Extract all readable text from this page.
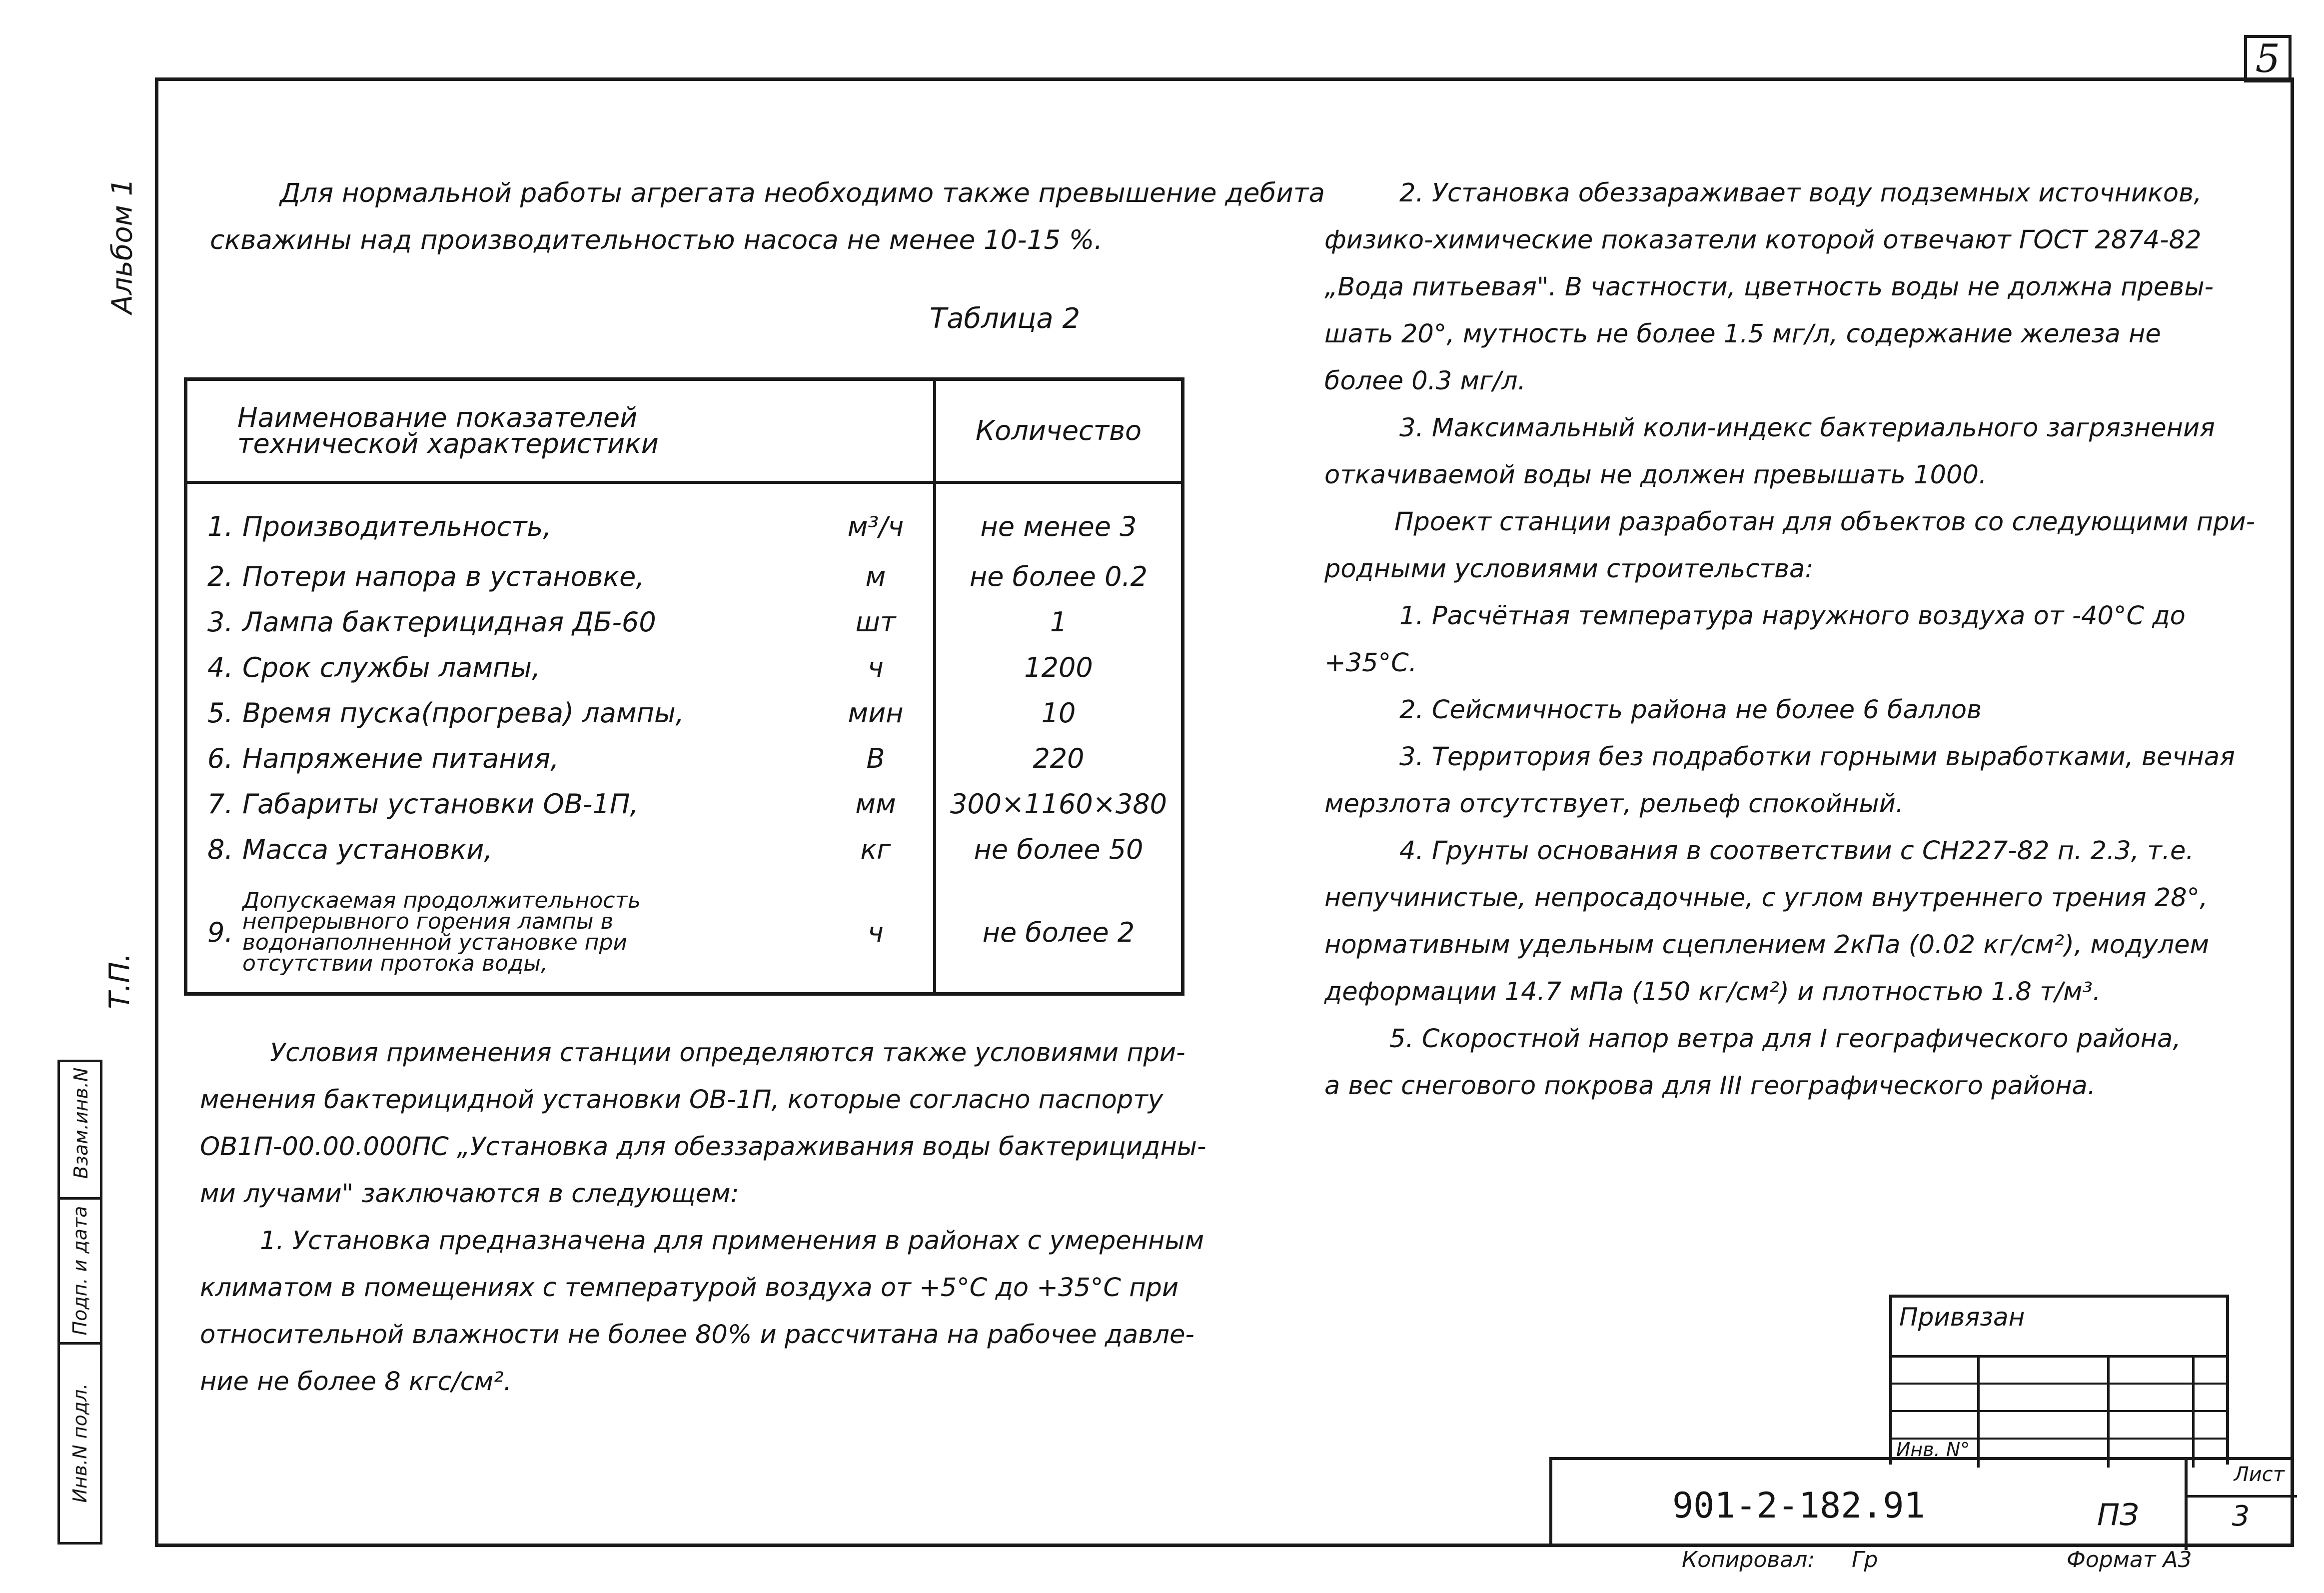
5
Альбом 1
Т.П.
Взам.инв.N
Подп. и дата
Инв.N подл.
Для нормальной работы агрегата необходимо также превышение дебита
скважины над производительностью насоса не менее 10-15 %.
Таблица 2
Наименование показателей
технической характеристики		Количество
1. Производительность,	м³/ч	не менее 3
2. Потери напора в установке,	м	не более 0.2
3. Лампа бактерицидная ДБ-60	шт	1
4. Срок службы лампы,	ч	1200
5. Время пуска(прогрева) лампы,	мин	10
6. Напряжение питания,	В	220
7. Габариты установки ОВ-1П,	мм	300×1160×380
8. Масса установки,	кг	не более 50
9.
Допускаемая продолжительность
непрерывного горения лампы в
водонаполненной установке при
отсутствии протока воды,	ч	не более 2
Условия применения станции определяются также условиями при-
менения бактерицидной установки ОВ-1П, которые согласно паспорту
ОВ1П-00.00.000ПС „Установка для обеззараживания воды бактерицидны-
ми лучами" заключаются в следующем:
1. Установка предназначена для применения в районах с умеренным
климатом в помещениях с температурой воздуха от +5°С до +35°С при
относительной влажности не более 80% и рассчитана на рабочее давле-
ние не более 8 кгс/см².
2. Установка обеззараживает воду подземных источников,
физико-химические показатели которой отвечают ГОСТ 2874-82
„Вода питьевая". В частности, цветность воды не должна превы-
шать 20°, мутность не более 1.5 мг/л, содержание железа не
более 0.3 мг/л.
3. Максимальный коли-индекс бактериального загрязнения
откачиваемой воды не должен превышать 1000.
Проект станции разработан для объектов со следующими при-
родными условиями строительства:
1. Расчётная температура наружного воздуха от -40°С до
+35°С.
2. Сейсмичность района не более 6 баллов
3. Территория без подработки горными выработками, вечная
мерзлота отсутствует, рельеф спокойный.
4. Грунты основания в соответствии с СН227-82 п. 2.3, т.е.
непучинистые, непросадочные, с углом внутреннего трения 28°,
нормативным удельным сцеплением 2кПа (0.02 кг/см²), модулем
деформации 14.7 мПа (150 кг/см²) и плотностью 1.8 т/м³.
5. Скоростной напор ветра для I географического района,
а вес снегового покрова для III географического района.
Привязан
Инв. N°
901-2-182.91	ПЗ
Лист
3
Копировал: Гр	Формат А3
